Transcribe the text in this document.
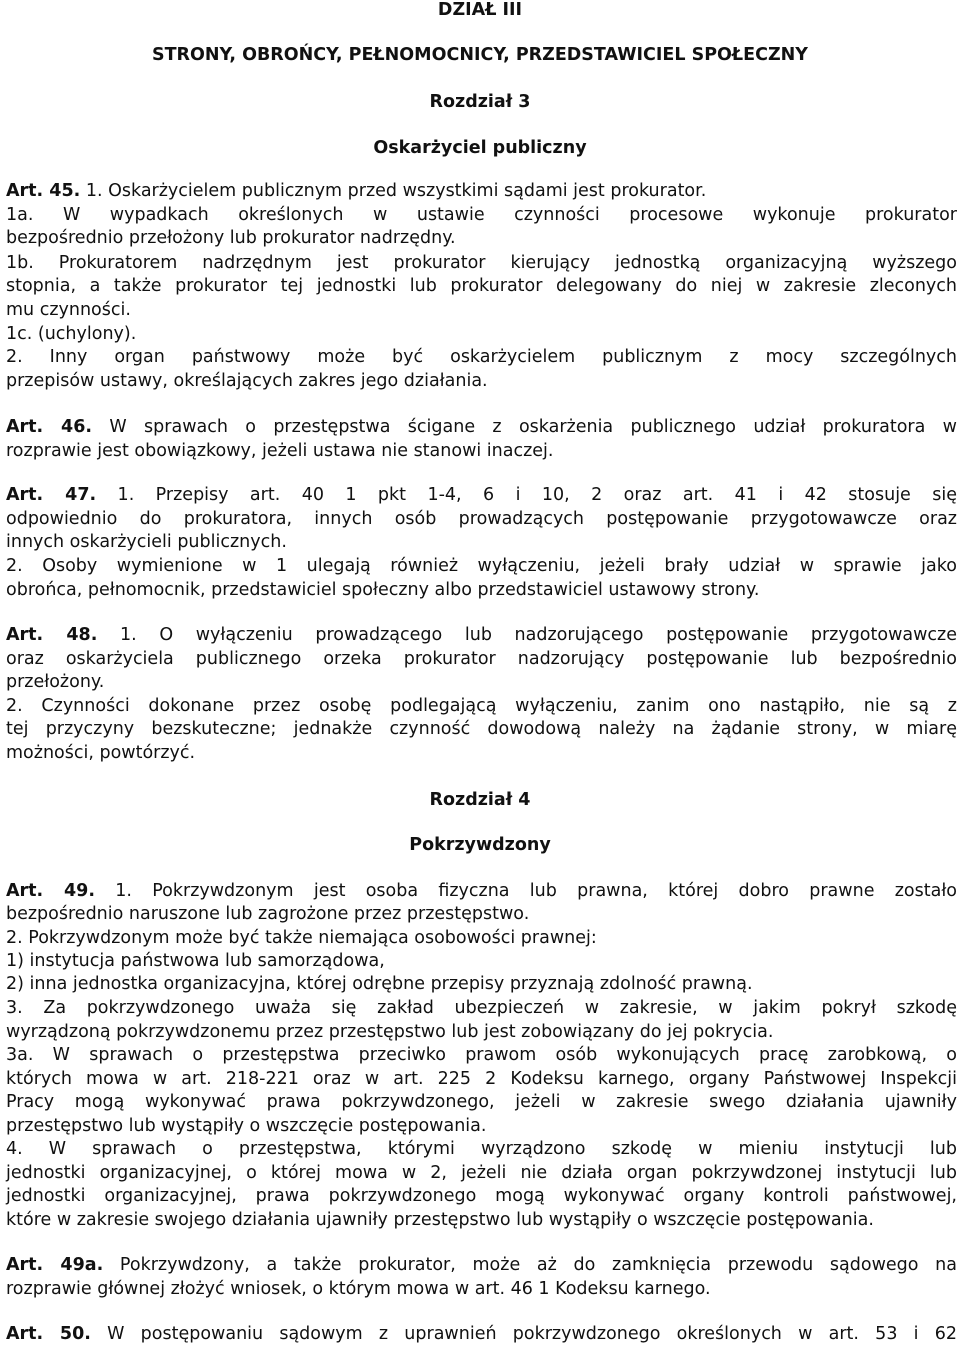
DZIAŁ III
STRONY, OBROŃCY, PEŁNOMOCNICY, PRZEDSTAWICIEL SPOŁECZNY
Rozdział 3
Oskarżyciel publiczny
Rozdział 4
Pokrzywdzony
Art. 45. 1. Oskarżycielem publicznym przed wszystkimi sądami jest prokurator.
1a. W wypadkach określonych w ustawie czynności procesowe wykonuje prokurator
bezpośrednio przełożony lub prokurator nadrzędny.
1b. Prokuratorem nadrzędnym jest prokurator kierujący jednostką organizacyjną wyższego
stopnia, a także prokurator tej jednostki lub prokurator delegowany do niej w zakresie zleconych
mu czynności.
1c. (uchylony).
2. Inny organ państwowy może być oskarżycielem publicznym z mocy szczególnych
przepisów ustawy, określających zakres jego działania.
Art. 46. W sprawach o przestępstwa ścigane z oskarżenia publicznego udział prokuratora w
rozprawie jest obowiązkowy, jeżeli ustawa nie stanowi inaczej.
Art. 47. 1. Przepisy art. 40 1 pkt 1-4, 6 i 10, 2 oraz art. 41 i 42 stosuje się
odpowiednio do prokuratora, innych osób prowadzących postępowanie przygotowawcze oraz
innych oskarżycieli publicznych.
2. Osoby wymienione w 1 ulegają również wyłączeniu, jeżeli brały udział w sprawie jako
obrońca, pełnomocnik, przedstawiciel społeczny albo przedstawiciel ustawowy strony.
Art. 48. 1. O wyłączeniu prowadzącego lub nadzorującego postępowanie przygotowawcze
oraz oskarżyciela publicznego orzeka prokurator nadzorujący postępowanie lub bezpośrednio
przełożony.
2. Czynności dokonane przez osobę podlegającą wyłączeniu, zanim ono nastąpiło, nie są z
tej przyczyny bezskuteczne; jednakże czynność dowodową należy na żądanie strony, w miarę
możności, powtórzyć.
Art. 49. 1. Pokrzywdzonym jest osoba fizyczna lub prawna, której dobro prawne zostało
bezpośrednio naruszone lub zagrożone przez przestępstwo.
2. Pokrzywdzonym może być także niemająca osobowości prawnej:
1) instytucja państwowa lub samorządowa,
2) inna jednostka organizacyjna, której odrębne przepisy przyznają zdolność prawną.
3. Za pokrzywdzonego uważa się zakład ubezpieczeń w zakresie, w jakim pokrył szkodę
wyrządzoną pokrzywdzonemu przez przestępstwo lub jest zobowiązany do jej pokrycia.
3a. W sprawach o przestępstwa przeciwko prawom osób wykonujących pracę zarobkową, o
których mowa w art. 218-221 oraz w art. 225 2 Kodeksu karnego, organy Państwowej Inspekcji
Pracy mogą wykonywać prawa pokrzywdzonego, jeżeli w zakresie swego działania ujawniły
przestępstwo lub wystąpiły o wszczęcie postępowania.
4. W sprawach o przestępstwa, którymi wyrządzono szkodę w mieniu instytucji lub
jednostki organizacyjnej, o której mowa w 2, jeżeli nie działa organ pokrzywdzonej instytucji lub
jednostki organizacyjnej, prawa pokrzywdzonego mogą wykonywać organy kontroli państwowej,
które w zakresie swojego działania ujawniły przestępstwo lub wystąpiły o wszczęcie postępowania.
Art. 49a. Pokrzywdzony, a także prokurator, może aż do zamknięcia przewodu sądowego na
rozprawie głównej złożyć wniosek, o którym mowa w art. 46 1 Kodeksu karnego.
Art. 50. W postępowaniu sądowym z uprawnień pokrzywdzonego określonych w art. 53 i 62
